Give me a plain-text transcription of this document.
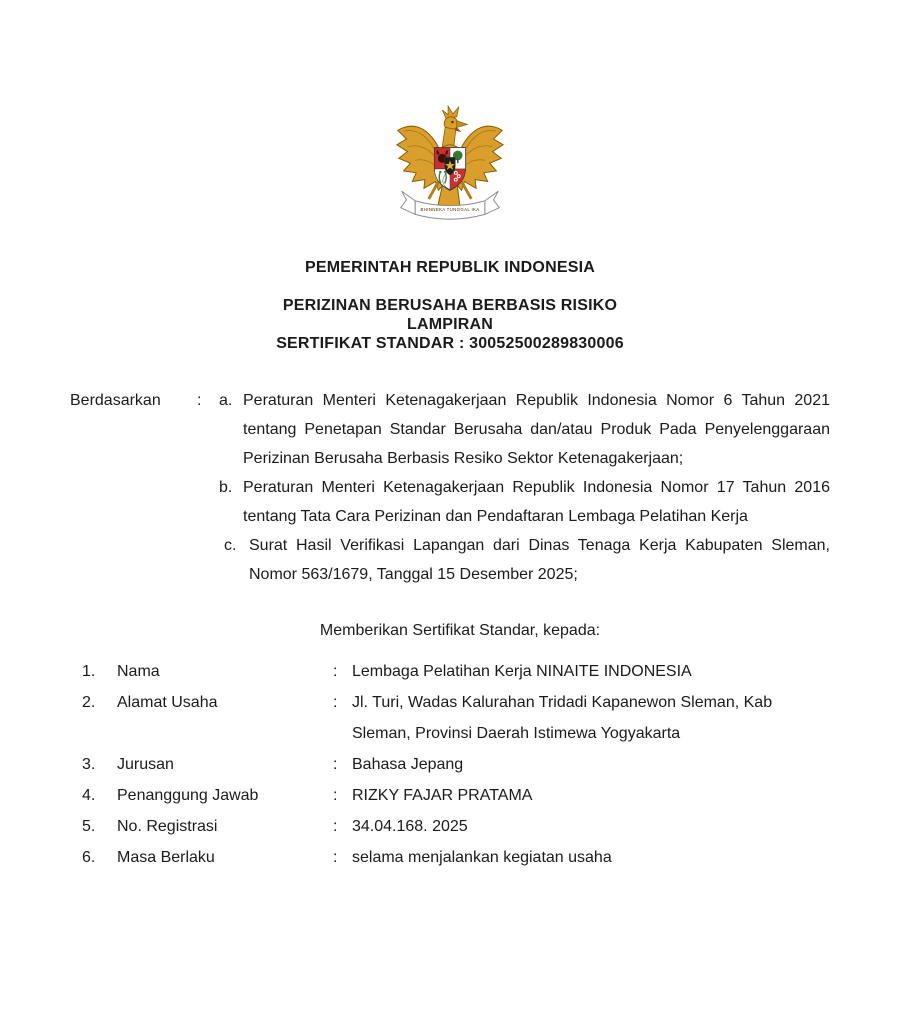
BHINNEKA TUNGGAL IKA
PEMERINTAH REPUBLIK INDONESIA
PERIZINAN BERUSAHA BERBASIS RISIKO
LAMPIRAN
SERTIFIKAT STANDAR : 30052500289830006
Berdasarkan	:	a. Peraturan Menteri Ketenagakerjaan Republik Indonesia Nomor 6 Tahun 2021 tentang Penetapan Standar Berusaha dan/atau Produk Pada Penyelenggaraan Perizinan Berusaha Berbasis Resiko Sektor Ketenagakerjaan;
b. Peraturan Menteri Ketenagakerjaan Republik Indonesia Nomor 17 Tahun 2016 tentang Tata Cara Perizinan dan Pendaftaran Lembaga Pelatihan Kerja
c. Surat Hasil Verifikasi Lapangan dari Dinas Tenaga Kerja Kabupaten Sleman, Nomor 563/1679, Tanggal 15 Desember 2025;
Memberikan Sertifikat Standar, kepada:
1.	Nama	: Lembaga Pelatihan Kerja NINAITE INDONESIA
2.	Alamat Usaha	: Jl. Turi, Wadas Kalurahan Tridadi Kapanewon Sleman, Kab Sleman, Provinsi Daerah Istimewa Yogyakarta
3.	Jurusan	: Bahasa Jepang
4.	Penanggung Jawab	: RIZKY FAJAR PRATAMA
5.	No. Registrasi	: 34.04.168. 2025
6.	Masa Berlaku	: selama menjalankan kegiatan usaha
